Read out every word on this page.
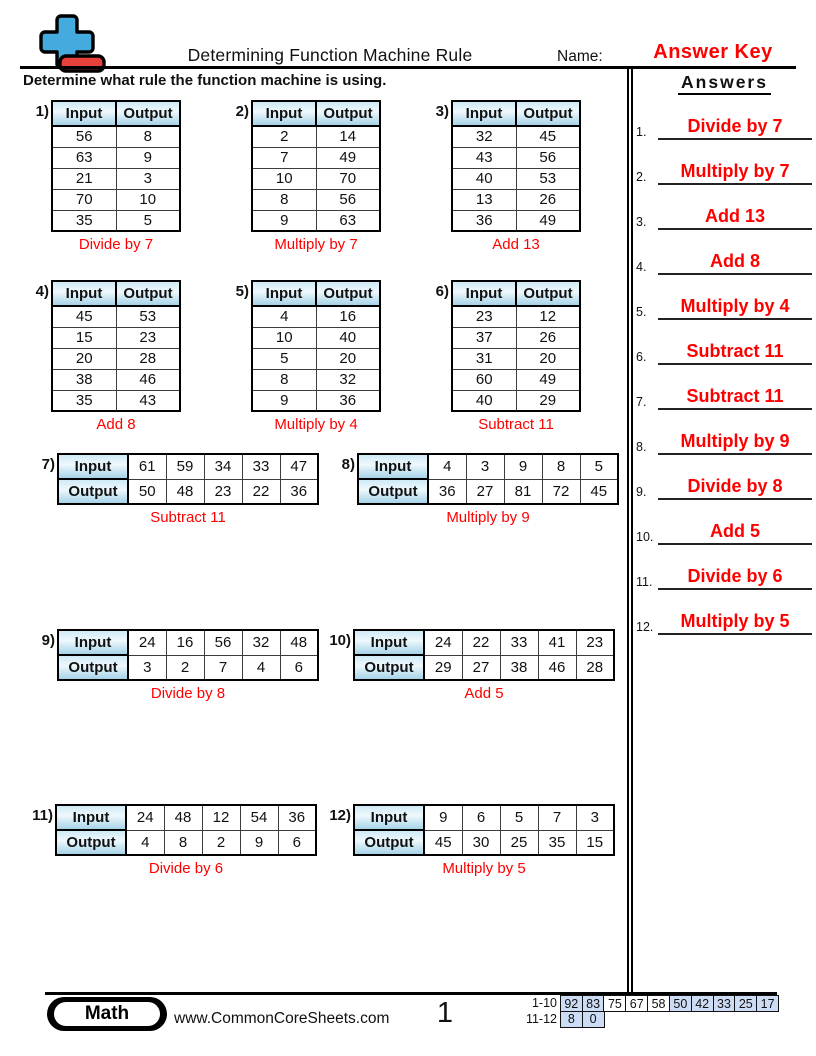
Determining Function Machine Rule	Name:	Answer Key
Determine what rule the function machine is using.	Answers
1. Divide by 7
2. Multiply by 7
3.	Add 13
4.	Add 8
5. Multiply by 4
6. Subtract 11
7. Subtract 11
8. Multiply by 9
9. Divide by 8
10.	Add 5
11. Divide by 6
12. Multiply by 5
1) Input	Output
56	8
63	9
21	3
70	10
35	5
Divide by 7
2) Input	Output
2	14
7	49
10	70
8	56
9	63
Multiply by 7
3) Input	Output
32	45
43	56
40	53
13	26
36	49
Add 13
4) Input	Output
45	53
15	23
20	28
38	46
35	43
Add 8
5) Input	Output
4	16
10	40
5	20
8	32
9	36
Multiply by 4
6) Input	Output
23	12
37	26
31	20
60	49
40	29
Subtract 11
7) Input	61	59	34	33	47
Output	50	48	23	22	36
Subtract 11
8) Input	4	3	9	8	5
Output	36	27	81	72	45
Multiply by 9
9) Input	24	16	56	32	48
Output	3	2	7	4	6
Divide by 8
10) Input	24	22	33	41	23
Output	29	27	38	46	28
Add 5
11) Input	24	48	12	54	36
Output	4	8	2	9	6
Divide by 6
12) Input	9	6	5	7	3
Output	45	30	25	35	15
Multiply by 5
Math	www.CommonCoreSheets.com	1	1-10 92 83 75 67 58 50 42 33 25 17
11-12 8	0
